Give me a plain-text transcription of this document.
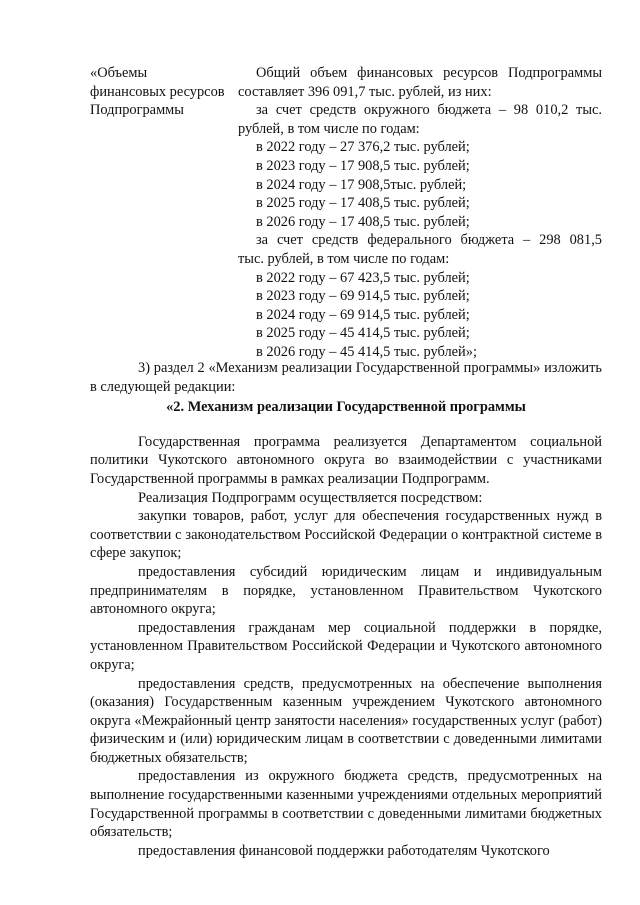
«Объемы
финансовых ресурсов
Подпрограммы
Общий объем финансовых ресурсов Подпрограммы
составляет 396 091,7 тыс. рублей, из них:
за счет средств окружного бюджета – 98 010,2 тыс.
рублей, в том числе по годам:
в 2022 году – 27 376,2 тыс. рублей;
в 2023 году – 17 908,5 тыс. рублей;
в 2024 году – 17 908,5тыс. рублей;
в 2025 году – 17 408,5 тыс. рублей;
в 2026 году – 17 408,5 тыс. рублей;
за счет средств федерального бюджета – 298 081,5
тыс. рублей, в том числе по годам:
в 2022 году – 67 423,5 тыс. рублей;
в 2023 году – 69 914,5 тыс. рублей;
в 2024 году – 69 914,5 тыс. рублей;
в 2025 году – 45 414,5 тыс. рублей;
в 2026 году – 45 414,5 тыс. рублей»;

3) раздел 2 «Механизм реализации Государственной программы» изложить в следующей редакции:

«2. Механизм реализации Государственной программы

Государственная программа реализуется Департаментом социальной политики Чукотского автономного округа во взаимодействии с участниками Государственной программы в рамках реализации Подпрограмм.

Реализация Подпрограмм осуществляется посредством:

закупки товаров, работ, услуг для обеспечения государственных нужд в соответствии с законодательством Российской Федерации о контрактной системе в сфере закупок;

предоставления субсидий юридическим лицам и индивидуальным предпринимателям в порядке, установленном Правительством Чукотского автономного округа;

предоставления гражданам мер социальной поддержки в порядке, установленном Правительством Российской Федерации и Чукотского автономного округа;

предоставления средств, предусмотренных на обеспечение выполнения (оказания) Государственным казенным учреждением Чукотского автономного округа «Межрайонный центр занятости населения» государственных услуг (работ) физическим и (или) юридическим лицам в соответствии с доведенными лимитами бюджетных обязательств;

предоставления из окружного бюджета средств, предусмотренных на выполнение государственными казенными учреждениями отдельных мероприятий Государственной программы в соответствии с доведенными лимитами бюджетных обязательств;

предоставления финансовой поддержки работодателям Чукотского
